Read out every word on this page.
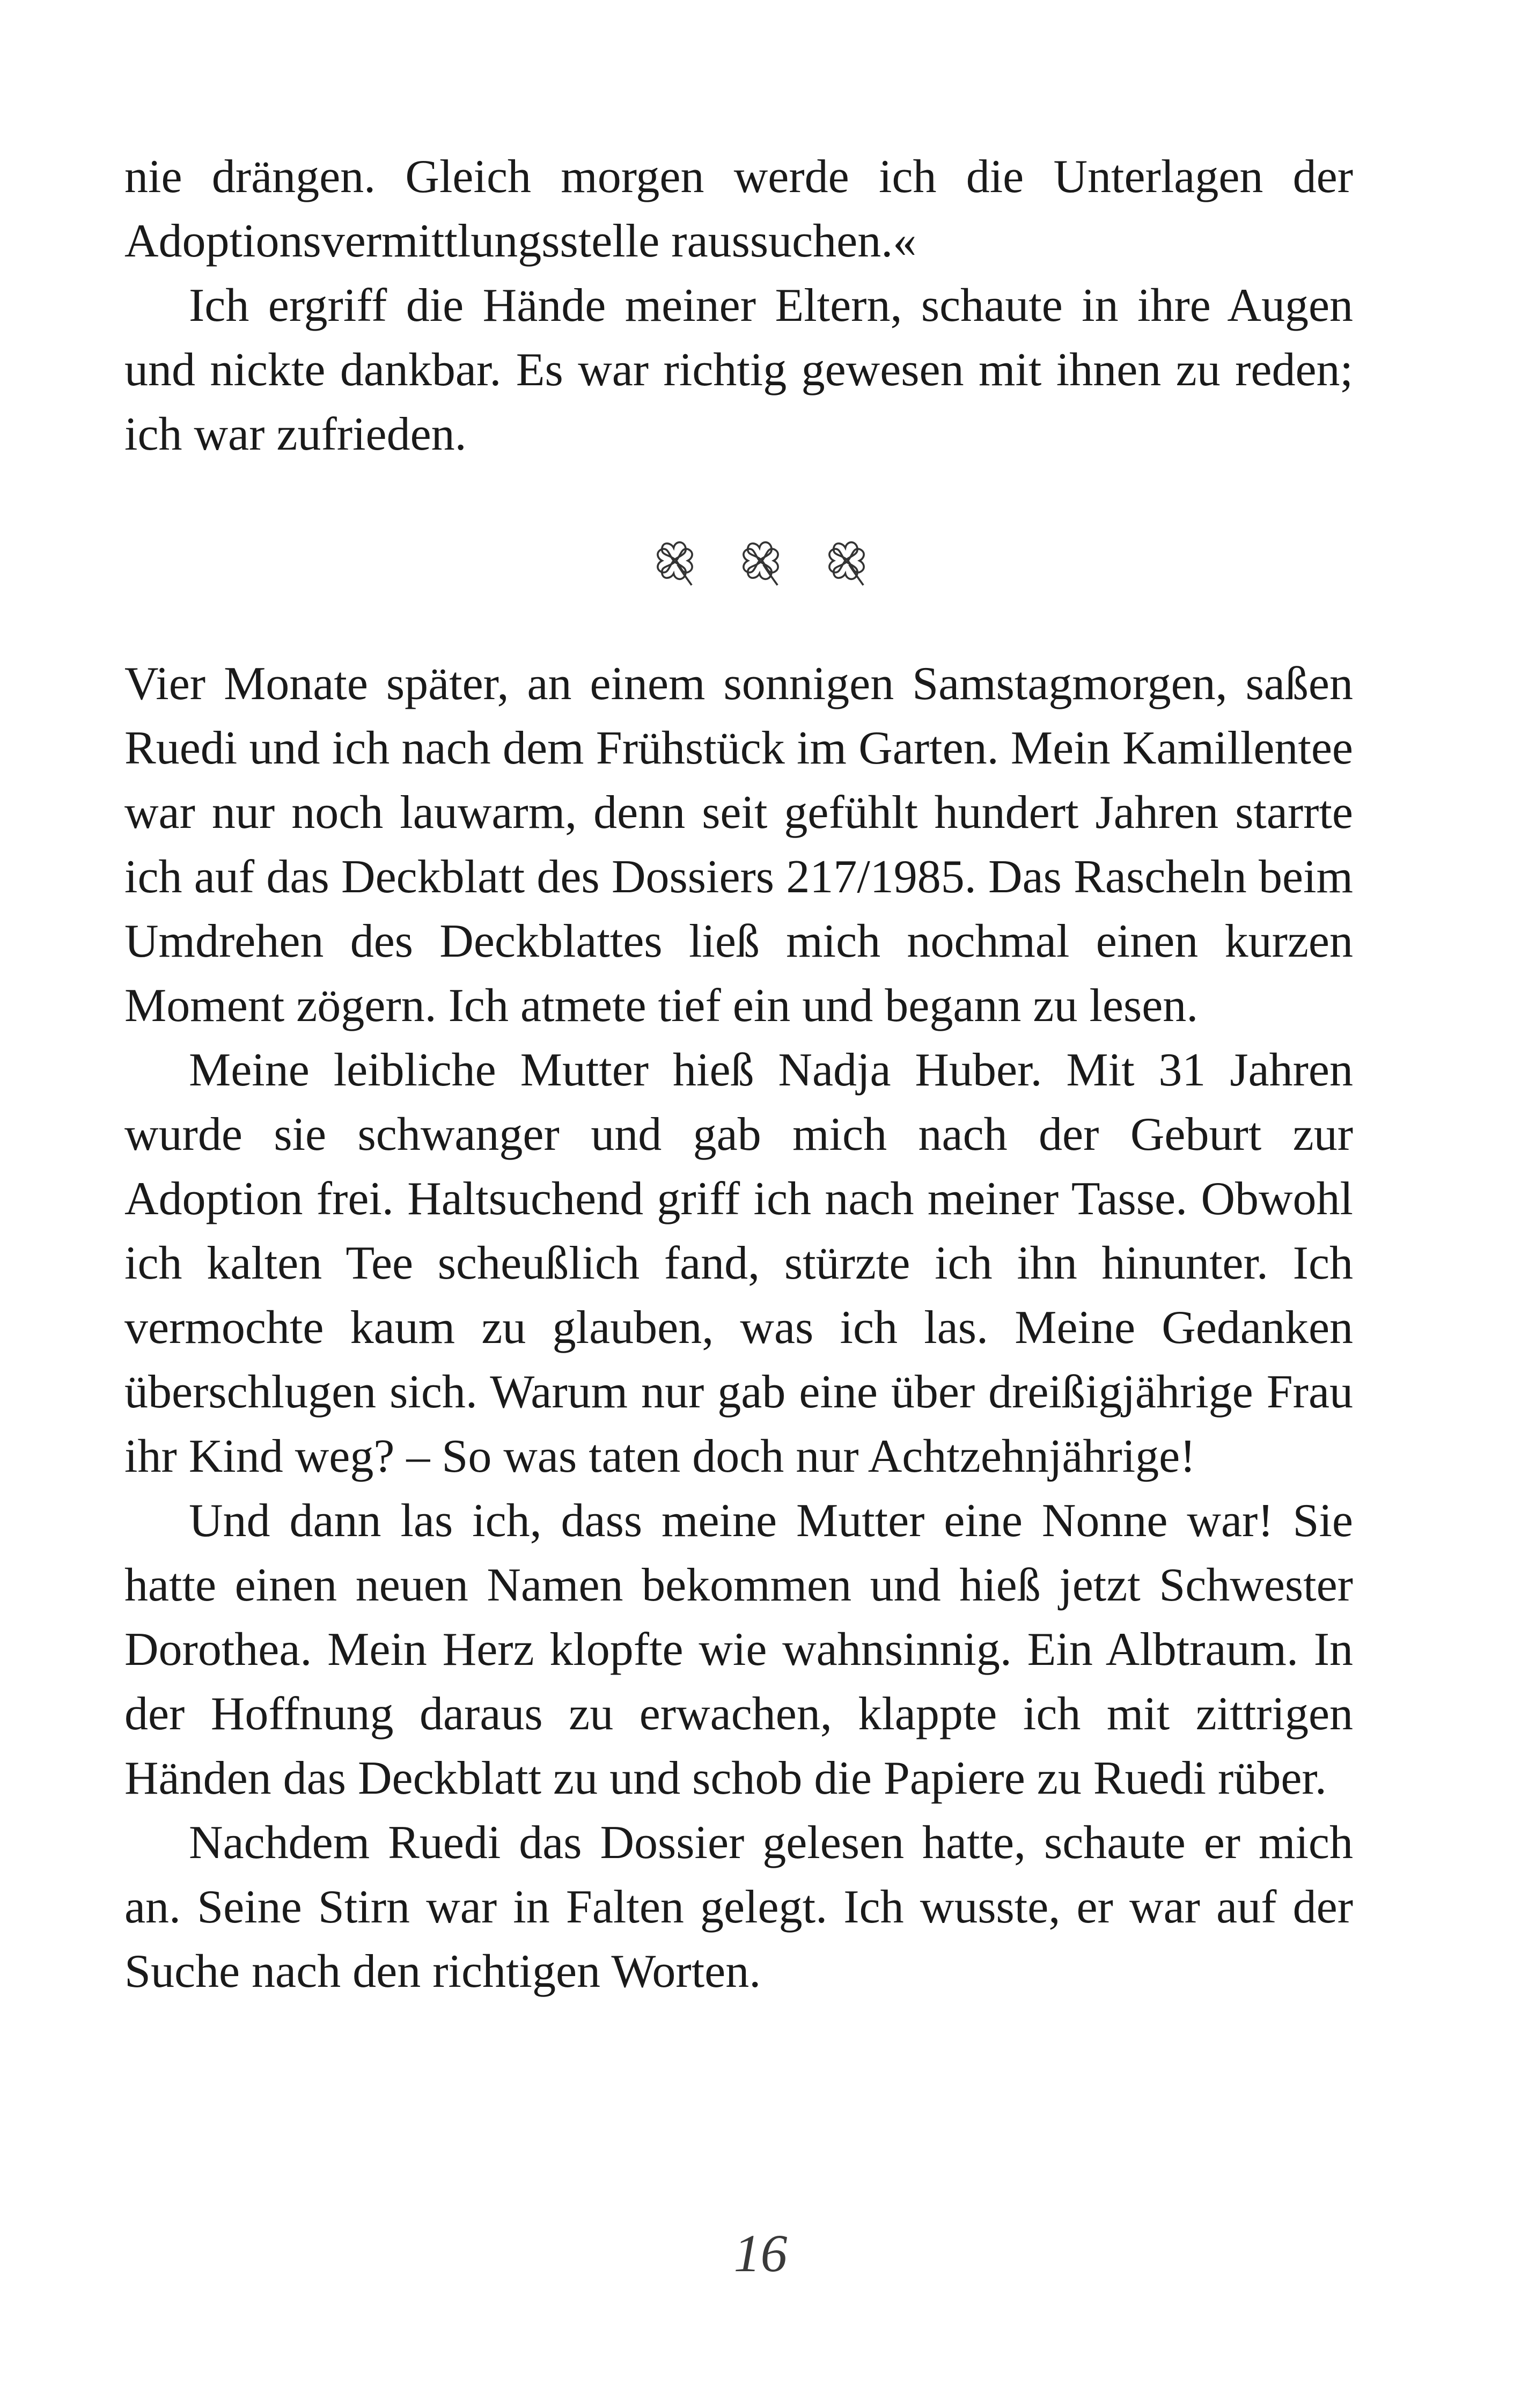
nie drängen. Gleich morgen werde ich die Unterlagen der Adoptionsvermittlungsstelle raussuchen.«

Ich ergriff die Hände meiner Eltern, schaute in ihre Augen und nickte dankbar. Es war richtig gewesen mit ihnen zu reden; ich war zufrieden.

Vier Monate später, an einem sonnigen Samstagmorgen, saßen Ruedi und ich nach dem Frühstück im Garten. Mein Kamillentee war nur noch lauwarm, denn seit gefühlt hundert Jahren starrte ich auf das Deckblatt des Dossiers 217/1985. Das Rascheln beim Umdrehen des Deckblattes ließ mich nochmal einen kurzen Moment zögern. Ich atmete tief ein und begann zu lesen.

Meine leibliche Mutter hieß Nadja Huber. Mit 31 Jahren wurde sie schwanger und gab mich nach der Geburt zur Adoption frei. Haltsuchend griff ich nach meiner Tasse. Obwohl ich kalten Tee scheußlich fand, stürzte ich ihn hinunter. Ich vermochte kaum zu glauben, was ich las. Meine Gedanken überschlugen sich. Warum nur gab eine über dreißigjährige Frau ihr Kind weg? – So was taten doch nur Achtzehnjährige!

Und dann las ich, dass meine Mutter eine Nonne war! Sie hatte einen neuen Namen bekommen und hieß jetzt Schwester Dorothea. Mein Herz klopfte wie wahnsinnig. Ein Albtraum. In der Hoffnung daraus zu erwachen, klappte ich mit zittrigen Händen das Deckblatt zu und schob die Papiere zu Ruedi rüber.

Nachdem Ruedi das Dossier gelesen hatte, schaute er mich an. Seine Stirn war in Falten gelegt. Ich wusste, er war auf der Suche nach den richtigen Worten.

16
